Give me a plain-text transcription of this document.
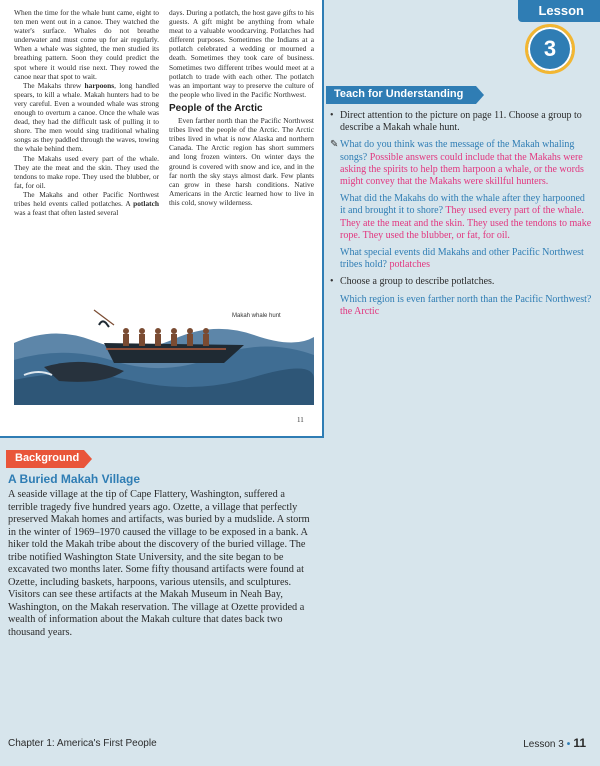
When the time for the whale hunt came, eight to ten men went out in a canoe. They watched the water's surface. Whales do not breathe underwater and must come up for air regularly. When a whale was sighted, the men studied its breathing pattern. Soon they could predict the spot where it would rise next. They rowed the canoe near that spot to wait.

The Makahs threw harpoons, long handled spears, to kill a whale. Makah hunters had to be very careful. Even a wounded whale was strong enough to overturn a canoe. Once the whale was dead, they had the difficult task of pulling it to shore. The men would sing traditional whaling songs as they paddled through the waves, towing the whale behind them.

The Makahs used every part of the whale. They ate the meat and the skin. They used the tendons to make rope. They used the blubber, or fat, for oil.

The Makahs and other Pacific Northwest tribes held events called potlatches. A potlatch was a feast that often lasted several

days. During a potlatch, the host gave gifts to his guests. A gift might be anything from whale meat to a valuable woodcarving. Potlatches had different purposes. Sometimes the Indians at a potlatch celebrated a wedding or mourned a death. Sometimes they took care of business. Sometimes two different tribes would meet at a potlatch to trade with each other. The potlatch was an important way to preserve the culture of the people who lived in the Pacific Northwest.

People of the Arctic

Even farther north than the Pacific Northwest tribes lived the people of the Arctic. The Arctic tribes lived in what is now Alaska and northern Canada. The Arctic region has short summers and long frozen winters. On winter days the ground is covered with snow and ice, and in the far north the sky stays almost dark. Few plants can grow in these harsh conditions. Native Americans in the Arctic learned how to live in this cold, snowy wilderness.

Makah whale hunt
11
Lesson
3
Teach for Understanding
• Direct attention to the picture on page 11. Choose a group to describe a Makah whale hunt.
✎ What do you think was the message of the Makah whaling songs? Possible answers could include that the Makahs were asking the spirits to help them harpoon a whale, or the words might convey that the Makahs were skillful hunters.
What did the Makahs do with the whale after they harpooned it and brought it to shore? They used every part of the whale. They ate the meat and the skin. They used the tendons to make rope. They used the blubber, or fat, for oil.
What special events did Makahs and other Pacific Northwest tribes hold? potlatches
• Choose a group to describe potlatches.
Which region is even farther north than the Pacific Northwest? the Arctic
Background
A Buried Makah Village
A seaside village at the tip of Cape Flattery, Washington, suffered a terrible tragedy five hundred years ago. Ozette, a village that perfectly preserved Makah homes and artifacts, was buried by a mudslide. A storm in the winter of 1969–1970 caused the village to be exposed in a bank. A hiker told the Makah tribe about the discovery of the buried village. The tribe notified Washington State University, and the site began to be excavated two months later. Some fifty thousand artifacts were found at Ozette, including baskets, harpoons, various utensils, and sculptures. Visitors can see these artifacts at the Makah Museum in Neah Bay, Washington, on the Makah reservation. The village at Ozette provided a wealth of information about the Makah culture that dates back two thousand years.
Chapter 1: America's First People	Lesson 3 • 11
